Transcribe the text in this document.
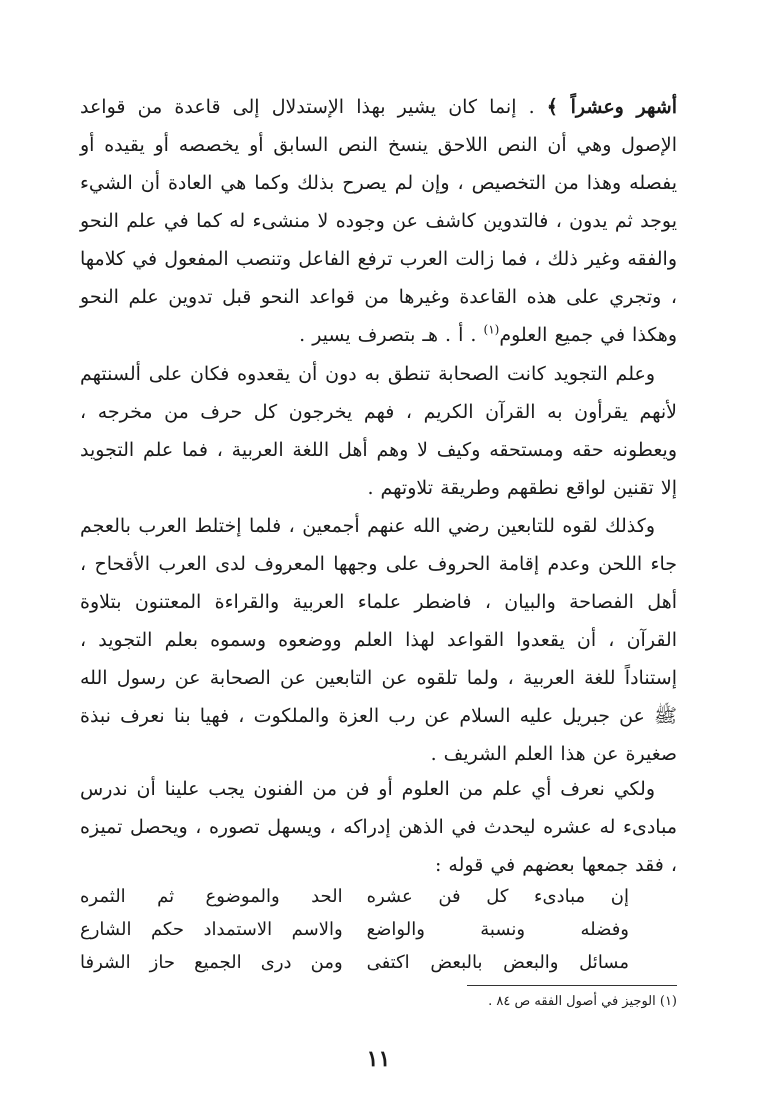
أشهر وعشراً ﴾ . إنما كان يشير بهذا الإستدلال إلى قاعدة من قواعد الإصول وهي أن النص اللاحق ينسخ النص السابق أو يخصصه أو يقيده أو يفصله وهذا من التخصيص ، وإن لم يصرح بذلك وكما هي العادة أن الشيء يوجد ثم يدون ، فالتدوين كاشف عن وجوده لا منشىء له كما في علم النحو والفقه وغير ذلك ، فما زالت العرب ترفع الفاعل وتنصب المفعول في كلامها ، وتجري على هذه القاعدة وغيرها من قواعد النحو قبل تدوين علم النحو وهكذا في جميع العلوم$^{(١)}$ . أ . هـ بتصرف يسير .

وعلم التجويد كانت الصحابة تنطق به دون أن يقعدوه فكان على ألسنتهم لأنهم يقرأون به القرآن الكريم ، فهم يخرجون كل حرف من مخرجه ، ويعطونه حقه ومستحقه وكيف لا وهم أهل اللغة العربية ، فما علم التجويد إلا تقنين لواقع نطقهم وطريقة تلاوتهم .

وكذلك لقوه للتابعين رضي الله عنهم أجمعين ، فلما إختلط العرب بالعجم جاء اللحن وعدم إقامة الحروف على وجهها المعروف لدى العرب الأقحاح ، أهل الفصاحة والبيان ، فاضطر علماء العربية والقراءة المعتنون بتلاوة القرآن ، أن يقعدوا القواعد لهذا العلم ووضعوه وسموه بعلم التجويد ، إستناداً للغة العربية ، ولما تلقوه عن التابعين عن الصحابة عن رسول الله ﷺ عن جبريل عليه السلام عن رب العزة والملكوت ، فهيا بنا نعرف نبذة صغيرة عن هذا العلم الشريف .

ولكي نعرف أي علم من العلوم أو فن من الفنون يجب علينا أن ندرس مبادىء له عشره ليحدث في الذهن إدراكه ، ويسهل تصوره ، ويحصل تميزه ، فقد جمعها بعضهم في قوله :

إن مبادىء كل فن عشره
الحد والموضوع ثم الثمره
وفضله ونسبة والواضع
والاسم الاستمداد حكم الشارع
مسائل والبعض بالبعض اكتفى
ومن درى الجميع حاز الشرفا
(١) الوجيز في أصول الفقه ص ٨٤ .
١١
